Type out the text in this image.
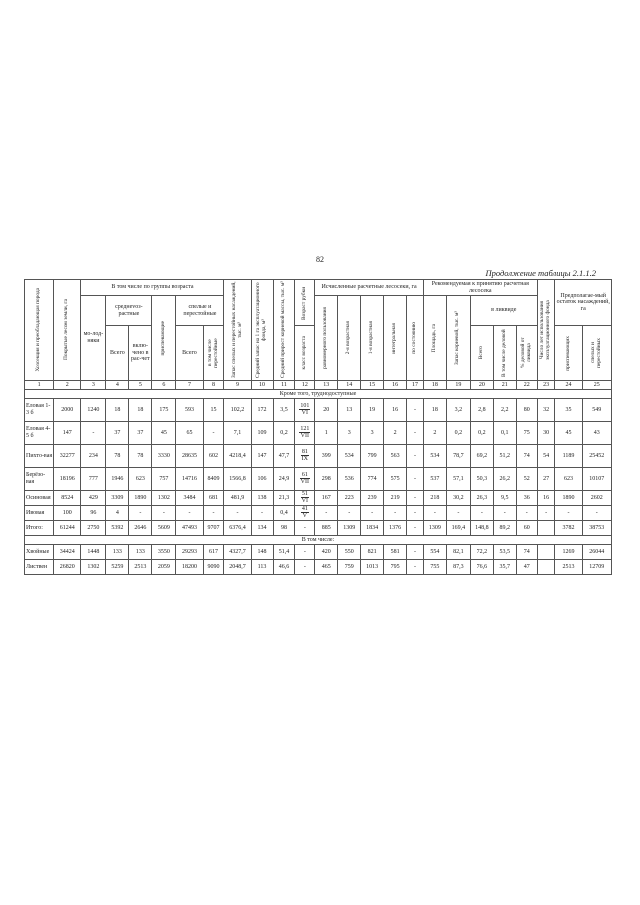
82
Продолжение таблицы 2.1.1.2
Хозсекция и преобладающая порода	Покрытые лесом земли, га	В том числе по группы возраста						Запас спелых и перестойных насаждений, тыс. м³	Средний запас на 1 га эксплуатационного фонда, м³	Средний прирост корневой массы, тыс. м³	Возраст рубки	Исчисленные расчетные лесосеки, га					Рекомендуемая к принятию расчетная лесосека					Число лет использования эксплуатационного фонда	Предполагае-мый остаток насаждений, га	
		мо-лод-няки	среднеvoз-растные		приспевающие	спелые и перестойные						равномерного пользования	2-я возрастная	1-я возрастная	интегральная	по состоянию	Площадь, га	Запас корневой, тыс. м³	в ликвиде					
			Всего	вклю-чено в рас-чет		Всего	в том числе перестойные				класс возраста								Всего	В том числе деловой	% деловой от ликвида		приспевающих	спелых и перестойных

1	2	3	4	5	6	7	8	9	10	11	12	13	14	15	16	17	18	19	20	21	22	23	24	25
Кроме того, труднодоступные																								
Еловая 1-3 б	2000	1240	18	18	175	593	15	102,2	172	3,5	$\frac{101}{VI}$	20	13	19	16	-	18	3,2	2,8	2,2	80	32	35	549
Еловая 4-5 б	147	-	37	37	45	65	-	7,1	109	0,2	$\frac{121}{\text{VII}}$	1	3	3	2	-	2	0,2	0,2	0,1	75	30	45	43
Пихто-вая	32277	234	78	78	3330	28635	602	4218,4	147	47,7	$\frac{81}{IX}$	399	534	799	563	-	534	78,7	69,2	51,2	74	54	1189	25452
Берёзо-вая	18196	777	1946	623	757	14716	8409	1566,8	106	24,9	$\frac{61}{\text{VII}}$	298	536	774	575	-	537	57,1	50,3	26,2	52	27	623	10107
Осиновая	8524	429	3309	1890	1302	3484	681	481,9	138	21,3	$\frac{51}{VI}$	167	223	239	219	-	218	30,2	26,3	9,5	36	16	1890	2602
Ивовая	100	96	4	-	-	-	-	-	-	0,4	$\frac{41}{V}$	-	-	-	-	-	-	-	-	-	-	-	-	-
Итого:	61244	2750	5392	2646	5609	47493	9707	6376,4	134	98	-	885	1309	1834	1376	-	1309	169,4	148,8	89,2	60		3782	38753
В том числе:																								
Хвойные	34424	1448	133	133	3550	29293	617	4327,7	148	51,4	-	420	550	821	581	-	554	82,1	72,2	53,5	74		1269	26044
Листвен	26820	1302	5259	2513	2059	18200	9090	2048,7	113	46,6	-	465	759	1013	795	-	755	87,3	76,6	35,7	47		2513	12709
